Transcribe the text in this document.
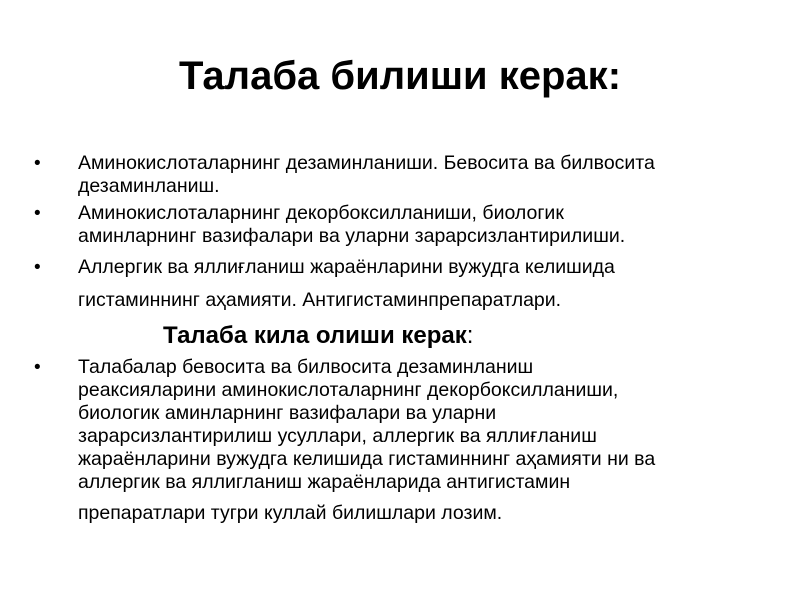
Талаба билиши керак:
•	Аминокислоталарнинг дезаминланиши. Бевосита ва билвосита
дезаминланиш.
•	Аминокислоталарнинг декорбоксилланиши, биологик
аминларнинг вазифалари ва уларни зарарсизлантирилиши.
•	Аллергик ва яллиғланиш жараёнларини вужудга келишида
гистаминнинг аҳамияти. Антигистаминпрепаратлари.
Талаба кила олиши керак:
•	Талабалар бевосита ва билвосита дезаминланиш
реаксияларини аминокислоталарнинг декорбоксилланиши,
биологик аминларнинг вазифалари ва уларни
зарарсизлантирилиш усуллари, аллергик ва яллиғланиш
жараёнларини вужудга келишида гистаминнинг аҳамияти ни ва
аллергик ва яллиглaниш жараёнларида антигистамин
препаратлари тугри куллай билишлари лозим.
